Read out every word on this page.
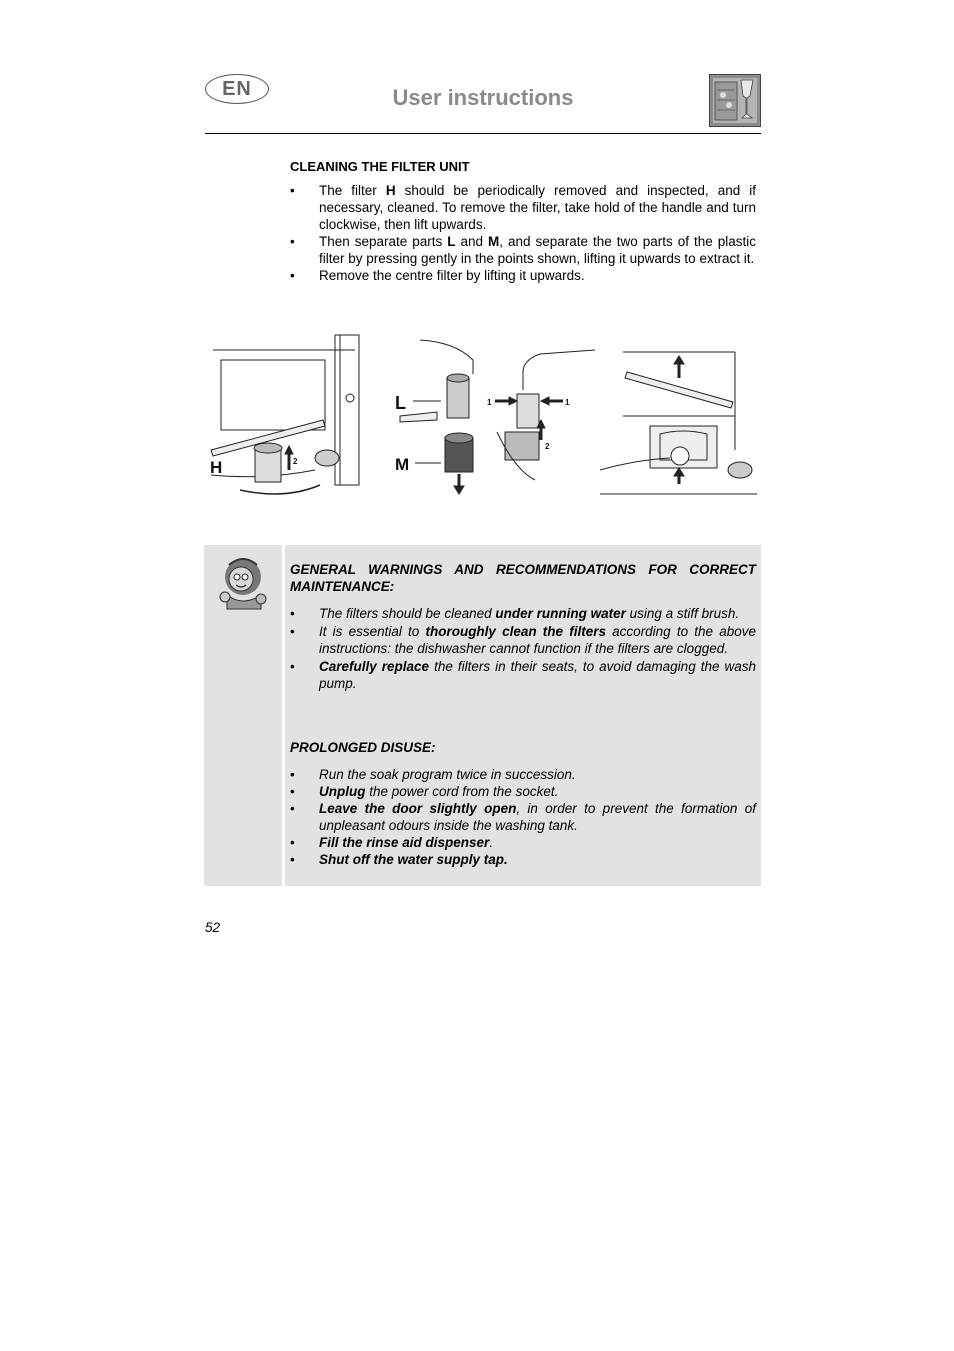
EN	User instructions
CLEANING THE FILTER UNIT
• The filter H should be periodically removed and inspected, and if necessary, cleaned. To remove the filter, take hold of the handle and turn clockwise, then lift upwards.
• Then separate parts L and M, and separate the two parts of the plastic filter by pressing gently in the points shown, lifting it upwards to extract it.
• Remove the centre filter by lifting it upwards.
H	2
L
M
1	1
2
GENERAL WARNINGS AND RECOMMENDATIONS FOR CORRECT MAINTENANCE:
• The filters should be cleaned under running water using a stiff brush.
• It is essential to thoroughly clean the filters according to the above instructions: the dishwasher cannot function if the filters are clogged.
• Carefully replace the filters in their seats, to avoid damaging the wash pump.
PROLONGED DISUSE:
• Run the soak program twice in succession.
• Unplug the power cord from the socket.
• Leave the door slightly open, in order to prevent the formation of unpleasant odours inside the washing tank.
• Fill the rinse aid dispenser.
• Shut off the water supply tap.
52
